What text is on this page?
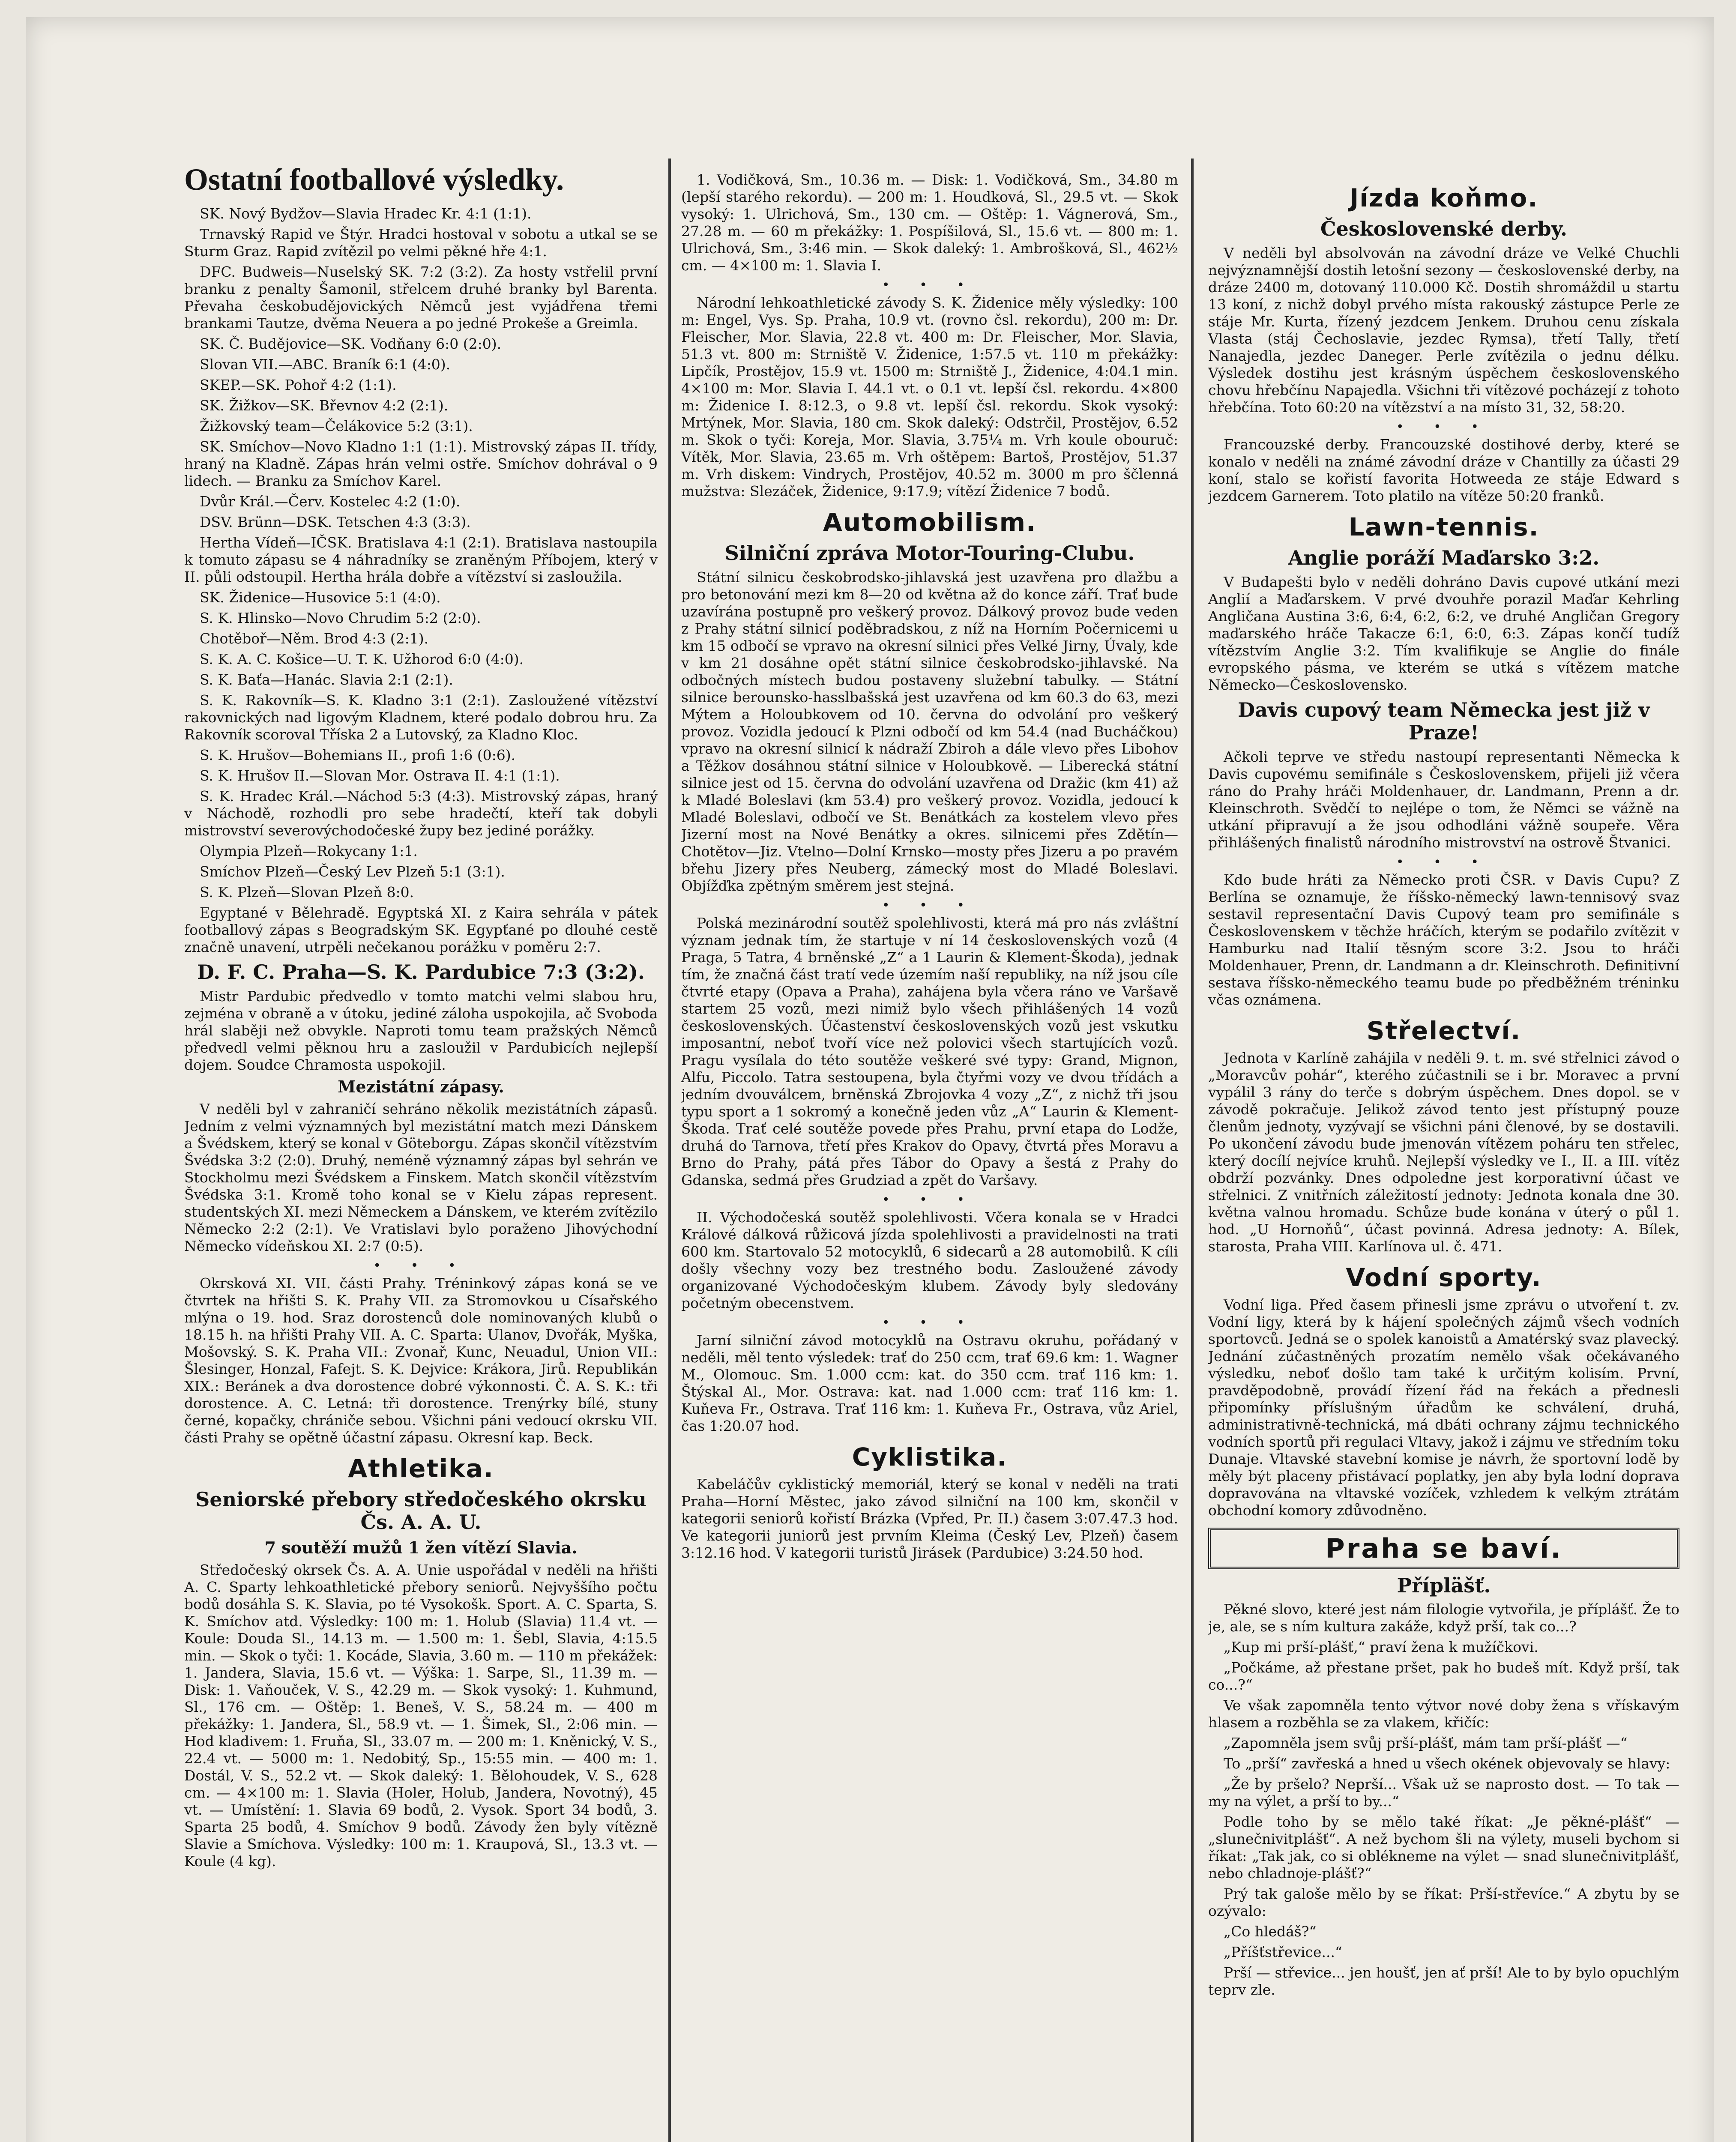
Ostatní footballové výsledky.

SK. Nový Bydžov—Slavia Hradec Kr. 4:1 (1:1).

Trnavský Rapid ve Štýr. Hradci hostoval v sobotu a utkal se se Sturm Graz. Rapid zvítězil po velmi pěkné hře 4:1.

DFC. Budweis—Nuselský SK. 7:2 (3:2). Za hosty vstřelil první branku z penalty Šamonil, střelcem druhé branky byl Barenta. Převaha českobudějovických Němců jest vyjádřena třemi brankami Tautze, dvěma Neuera a po jedné Prokeše a Greimla.

SK. Č. Budějovice—SK. Vodňany 6:0 (2:0).

Slovan VII.—ABC. Braník 6:1 (4:0).

SKEP.—SK. Pohoř 4:2 (1:1).

SK. Žižkov—SK. Břevnov 4:2 (2:1).

Žižkovský team—Čelákovice 5:2 (3:1).

SK. Smíchov—Novo Kladno 1:1 (1:1). Mistrovský zápas II. třídy, hraný na Kladně. Zápas hrán velmi ostře. Smíchov dohrával o 9 lidech. — Branku za Smíchov Karel.

Dvůr Král.—Červ. Kostelec 4:2 (1:0).

DSV. Brünn—DSK. Tetschen 4:3 (3:3).

Hertha Vídeň—IČSK. Bratislava 4:1 (2:1). Bratislava nastoupila k tomuto zápasu se 4 náhradníky se zraněným Příbojem, který v II. půli odstoupil. Hertha hrála dobře a vítězství si zasloužila.

SK. Židenice—Husovice 5:1 (4:0).

S. K. Hlinsko—Novo Chrudim 5:2 (2:0).

Chotěboř—Něm. Brod 4:3 (2:1).

S. K. A. C. Košice—U. T. K. Užhorod 6:0 (4:0).

S. K. Baťa—Hanác. Slavia 2:1 (2:1).

S. K. Rakovník—S. K. Kladno 3:1 (2:1). Zasloužené vítězství rakovnických nad ligovým Kladnem, které podalo dobrou hru. Za Rakovník scoroval Tříska 2 a Lutovský, za Kladno Kloc.

S. K. Hrušov—Bohemians II., profi 1:6 (0:6).

S. K. Hrušov II.—Slovan Mor. Ostrava II. 4:1 (1:1).

S. K. Hradec Král.—Náchod 5:3 (4:3). Mistrovský zápas, hraný v Náchodě, rozhodli pro sebe hradečtí, kteří tak dobyli mistrovství severovýchodočeské župy bez jediné porážky.

Olympia Plzeň—Rokycany 1:1.

Smíchov Plzeň—Český Lev Plzeň 5:1 (3:1).

S. K. Plzeň—Slovan Plzeň 8:0.

Egyptané v Bělehradě. Egyptská XI. z Kaira sehrála v pátek footballový zápas s Beogradským SK. Egypťané po dlouhé cestě značně unavení, utrpěli nečekanou porážku v poměru 2:7.

D. F. C. Praha—S. K. Pardubice 7:3 (3:2).

Mistr Pardubic předvedlo v tomto matchi velmi slabou hru, zejména v obraně a v útoku, jediné záloha uspokojila, ač Svoboda hrál slaběji než obvykle. Naproti tomu team pražských Němců předvedl velmi pěknou hru a zasloužil v Pardubicích nejlepší dojem. Soudce Chramosta uspokojil.

Mezistátní zápasy.

V neděli byl v zahraničí sehráno několik mezistátních zápasů. Jedním z velmi významných byl mezistátní match mezi Dánskem a Švédskem, který se konal v Göteborgu. Zápas skončil vítězstvím Švédska 3:2 (2:0). Druhý, neméně významný zápas byl sehrán ve Stockholmu mezi Švédskem a Finskem. Match skončil vítězstvím Švédska 3:1. Kromě toho konal se v Kielu zápas represent. studentských XI. mezi Německem a Dánskem, ve kterém zvítězilo Německo 2:2 (2:1). Ve Vratislavi bylo poraženo Jihovýchodní Německo vídeňskou XI. 2:7 (0:5).

• • •

Okrsková XI. VII. části Prahy. Tréninkový zápas koná se ve čtvrtek na hřišti S. K. Prahy VII. za Stromovkou u Císařského mlýna o 19. hod. Sraz dorostenců dole nominovaných klubů o 18.15 h. na hřišti Prahy VII. A. C. Sparta: Ulanov, Dvořák, Myška, Mošovský. S. K. Praha VII.: Zvonař, Kunc, Neuadul, Union VII.: Šlesinger, Honzal, Fafejt. S. K. Dejvice: Krákora, Jirů. Republikán XIX.: Beránek a dva dorostence dobré výkonnosti. Č. A. S. K.: tři dorostence. A. C. Letná: tři dorostence. Trenýrky bílé, stuny černé, kopačky, chrániče sebou. Všichni páni vedoucí okrsku VII. části Prahy se opětně účastní zápasu. Okresní kap. Beck.

Athletika.
Seniorské přebory středočeského okrsku Čs. A. A. U.
7 soutěží mužů 1 žen vítězí Slavia.

Středočeský okrsek Čs. A. A. Unie uspořádal v neděli na hřišti A. C. Sparty lehkoathletické přebory seniorů. Nejvyššího počtu bodů dosáhla S. K. Slavia, po té Vysokošk. Sport. A. C. Sparta, S. K. Smíchov atd. Výsledky: 100 m: 1. Holub (Slavia) 11.4 vt. — Koule: Douda Sl., 14.13 m. — 1.500 m: 1. Šebl, Slavia, 4:15.5 min. — Skok o tyči: 1. Kocáde, Slavia, 3.60 m. — 110 m překážek: 1. Jandera, Slavia, 15.6 vt. — Výška: 1. Sarpe, Sl., 11.39 m. — Disk: 1. Vaňouček, V. S., 42.29 m. — Skok vysoký: 1. Kuhmund, Sl., 176 cm. — Oštěp: 1. Beneš, V. S., 58.24 m. — 400 m překážky: 1. Jandera, Sl., 58.9 vt. — 1. Šimek, Sl., 2:06 min. — Hod kladivem: 1. Fruňa, Sl., 33.07 m. — 200 m: 1. Kněnický, V. S., 22.4 vt. — 5000 m: 1. Nedobitý, Sp., 15:55 min. — 400 m: 1. Dostál, V. S., 52.2 vt. — Skok daleký: 1. Bělohoudek, V. S., 628 cm. — 4×100 m: 1. Slavia (Holer, Holub, Jandera, Novotný), 45 vt. — Umístění: 1. Slavia 69 bodů, 2. Vysok. Sport 34 bodů, 3. Sparta 25 bodů, 4. Smíchov 9 bodů. Závody žen byly vítězně Slavie a Smíchova. Výsledky: 100 m: 1. Kraupová, Sl., 13.3 vt. — Koule (4 kg).

1. Vodičková, Sm., 10.36 m. — Disk: 1. Vodičková, Sm., 34.80 m (lepší starého rekordu). — 200 m: 1. Houdková, Sl., 29.5 vt. — Skok vysoký: 1. Ulrichová, Sm., 130 cm. — Oštěp: 1. Vágnerová, Sm., 27.28 m. — 60 m překážky: 1. Pospíšilová, Sl., 15.6 vt. — 800 m: 1. Ulrichová, Sm., 3:46 min. — Skok daleký: 1. Ambrošková, Sl., 462½ cm. — 4×100 m: 1. Slavia I.

• • •

Národní lehkoathletické závody S. K. Židenice měly výsledky: 100 m: Engel, Vys. Sp. Praha, 10.9 vt. (rovno čsl. rekordu), 200 m: Dr. Fleischer, Mor. Slavia, 22.8 vt. 400 m: Dr. Fleischer, Mor. Slavia, 51.3 vt. 800 m: Strniště V. Židenice, 1:57.5 vt. 110 m překážky: Lipčík, Prostějov, 15.9 vt. 1500 m: Strniště J., Židenice, 4:04.1 min. 4×100 m: Mor. Slavia I. 44.1 vt. o 0.1 vt. lepší čsl. rekordu. 4×800 m: Židenice I. 8:12.3, o 9.8 vt. lepší čsl. rekordu. Skok vysoký: Mrtýnek, Mor. Slavia, 180 cm. Skok daleký: Odstrčil, Prostějov, 6.52 m. Skok o tyči: Koreja, Mor. Slavia, 3.75¼ m. Vrh koule obouruč: Vítěk, Mor. Slavia, 23.65 m. Vrh oštěpem: Bartoš, Prostějov, 51.37 m. Vrh diskem: Vindrych, Prostějov, 40.52 m. 3000 m pro ščlenná mužstva: Slezáček, Židenice, 9:17.9; vítězí Židenice 7 bodů.

Automobilism.
Silniční zpráva Motor-Touring-Clubu.

Státní silnicu českobrodsko-jihlavská jest uzavřena pro dlažbu a pro betonování mezi km 8—20 od května až do konce září. Trať bude uzavírána postupně pro veškerý provoz. Dálkový provoz bude veden z Prahy státní silnicí poděbradskou, z níž na Horním Počernicemi u km 15 odbočí se vpravo na okresní silnici přes Velké Jirny, Úvaly, kde v km 21 dosáhne opět státní silnice českobrodsko-jihlavské. Na odbočných místech budou postaveny služební tabulky. — Státní silnice berounsko-hasslbašská jest uzavřena od km 60.3 do 63, mezi Mýtem a Holoubkovem od 10. června do odvolání pro veškerý provoz. Vozidla jedoucí k Plzni odbočí od km 54.4 (nad Bucháčkou) vpravo na okresní silnicí k nádraží Zbiroh a dále vlevo přes Libohov a Těžkov dosáhnou státní silnice v Holoubkově. — Liberecká státní silnice jest od 15. června do odvolání uzavřena od Dražic (km 41) až k Mladé Boleslavi (km 53.4) pro veškerý provoz. Vozidla, jedoucí k Mladé Boleslavi, odbočí ve St. Benátkách za kostelem vlevo přes Jizerní most na Nové Benátky a okres. silnicemi přes Zdětín—Chotětov—Jiz. Vtelno—Dolní Krnsko—mosty přes Jizeru a po pravém břehu Jizery přes Neuberg, zámecký most do Mladé Boleslavi. Objížďka zpětným směrem jest stejná.

• • •

Polská mezinárodní soutěž spolehlivosti, která má pro nás zvláštní význam jednak tím, že startuje v ní 14 československých vozů (4 Praga, 5 Tatra, 4 brněnské „Z“ a 1 Laurin & Klement-Škoda), jednak tím, že značná část tratí vede územím naší republiky, na níž jsou cíle čtvrté etapy (Opava a Praha), zahájena byla včera ráno ve Varšavě startem 25 vozů, mezi nimiž bylo všech přihlášených 14 vozů československých. Účastenství československých vozů jest vskutku imposantní, neboť tvoří více než polovici všech startujících vozů. Pragu vysílala do této soutěže veškeré své typy: Grand, Mignon, Alfu, Piccolo. Tatra sestoupena, byla čtyřmi vozy ve dvou třídách a jedním dvouválcem, brněnská Zbrojovka 4 vozy „Z“, z nichž tři jsou typu sport a 1 sokromý a konečně jeden vůz „A“ Laurin & Klement-Škoda. Trať celé soutěže povede přes Prahu, první etapa do Lodže, druhá do Tarnova, třetí přes Krakov do Opavy, čtvrtá přes Moravu a Brno do Prahy, pátá přes Tábor do Opavy a šestá z Prahy do Gdanska, sedmá přes Grudziad a zpět do Varšavy.

• • •

II. Východočeská soutěž spolehlivosti. Včera konala se v Hradci Králové dálková růžicová jízda spolehlivosti a pravidelnosti na trati 600 km. Startovalo 52 motocyklů, 6 sidecarů a 28 automobilů. K cíli došly všechny vozy bez trestného bodu. Zasloužené závody organizované Východočeským klubem. Závody byly sledovány početným obecenstvem.

• • •

Jarní silniční závod motocyklů na Ostravu okruhu, pořádaný v neděli, měl tento výsledek: trať do 250 ccm, trať 69.6 km: 1. Wagner M., Olomouc. Sm. 1.000 ccm: kat. do 350 ccm. trať 116 km: 1. Štýskal Al., Mor. Ostrava: kat. nad 1.000 ccm: trať 116 km: 1. Kuňeva Fr., Ostrava. Trať 116 km: 1. Kuňeva Fr., Ostrava, vůz Ariel, čas 1:20.07 hod.

Cyklistika.

Kabeláčův cyklistický memoriál, který se konal v neděli na trati Praha—Horní Městec, jako závod silniční na 100 km, skončil v kategorii seniorů kořistí Brázka (Vpřed, Pr. II.) časem 3:07.47.3 hod. Ve kategorii juniorů jest prvním Kleima (Český Lev, Plzeň) časem 3:12.16 hod. V kategorii turistů Jirásek (Pardubice) 3:24.50 hod.

Jízda koňmo.
Československé derby.

V neděli byl absolvován na závodní dráze ve Velké Chuchli nejvýznamnější dostih letošní sezony — československé derby, na dráze 2400 m, dotovaný 110.000 Kč. Dostih shromáždil u startu 13 koní, z nichž dobyl prvého místa rakouský zástupce Perle ze stáje Mr. Kurta, řízený jezdcem Jenkem. Druhou cenu získala Vlasta (stáj Čechoslavie, jezdec Rymsa), třetí Tally, třetí Nanajedla, jezdec Daneger. Perle zvítězila o jednu délku. Výsledek dostihu jest krásným úspěchem československého chovu hřebčínu Napajedla. Všichni tři vítězové pocházejí z tohoto hřebčína. Toto 60:20 na vítězství a na místo 31, 32, 58:20.

• • •

Francouzské derby. Francouzské dostihové derby, které se konalo v neděli na známé závodní dráze v Chantilly za účasti 29 koní, stalo se kořistí favorita Hotweeda ze stáje Edward s jezdcem Garnerem. Toto platilo na vítěze 50:20 franků.

Lawn-tennis.
Anglie poráží Maďarsko 3:2.

V Budapešti bylo v neděli dohráno Davis cupové utkání mezi Anglií a Maďarskem. V prvé dvouhře porazil Maďar Kehrling Angličana Austina 3:6, 6:4, 6:2, 6:2, ve druhé Angličan Gregory maďarského hráče Takacze 6:1, 6:0, 6:3. Zápas končí tudíž vítězstvím Anglie 3:2. Tím kvalifikuje se Anglie do finále evropského pásma, ve kterém se utká s vítězem matche Německo—Československo.

Davis cupový team Německa jest již v Praze!

Ačkoli teprve ve středu nastoupí representanti Německa k Davis cupovému semifinále s Československem, přijeli již včera ráno do Prahy hráči Moldenhauer, dr. Landmann, Prenn a dr. Kleinschroth. Svědčí to nejlépe o tom, že Němci se vážně na utkání připravují a že jsou odhodláni vážně soupeře. Věra přihlášených finalistů národního mistrovství na ostrově Štvanici.

• • •

Kdo bude hráti za Německo proti ČSR. v Davis Cupu? Z Berlína se oznamuje, že říšsko-německý lawn-tennisový svaz sestavil representační Davis Cupový team pro semifinále s Československem v těchže hráčích, kterým se podařilo zvítězit v Hamburku nad Italií těsným score 3:2. Jsou to hráči Moldenhauer, Prenn, dr. Landmann a dr. Kleinschroth. Definitivní sestava říšsko-německého teamu bude po předběžném tréninku včas oznámena.

Střelectví.

Jednota v Karlíně zahájila v neděli 9. t. m. své střelnici závod o „Moravcův pohár“, kterého zúčastnili se i br. Moravec a první vypálil 3 rány do terče s dobrým úspěchem. Dnes dopol. se v závodě pokračuje. Jelikož závod tento jest přístupný pouze členům jednoty, vyzývají se všichni páni členové, by se dostavili. Po ukončení závodu bude jmenován vítězem poháru ten střelec, který docílí nejvíce kruhů. Nejlepší výsledky ve I., II. a III. vítěz obdrží pozvánky. Dnes odpoledne jest korporativní účast ve střelnici. Z vnitřních záležitostí jednoty: Jednota konala dne 30. května valnou hromadu. Schůze bude konána v úterý o půl 1. hod. „U Hornoňů“, účast povinná. Adresa jednoty: A. Bílek, starosta, Praha VIII. Karlínova ul. č. 471.

Vodní sporty.

Vodní liga. Před časem přinesli jsme zprávu o utvoření t. zv. Vodní ligy, která by k hájení společných zájmů všech vodních sportovců. Jedná se o spolek kanoistů a Amatérský svaz plavecký. Jednání zúčastněných prozatím nemělo však očekávaného výsledku, neboť došlo tam také k určitým kolisím. První, pravděpodobně, provádí řízení řád na řekách a přednesli připomínky příslušným úřadům ke schválení, druhá, administrativně-technická, má dbáti ochrany zájmu technického vodních sportů při regulaci Vltavy, jakož i zájmu ve středním toku Dunaje. Vltavské stavební komise je návrh, že sportovní lodě by měly být placeny přistávací poplatky, jen aby byla lodní doprava dopravována na vltavské vozíček, vzhledem k velkým ztrátám obchodní komory zdůvodněno.

Praha se baví.
Přípläšť.

Pěkné slovo, které jest nám filologie vytvořila, je příplášť. Že to je, ale, se s ním kultura zakáže, když prší, tak co...?

„Kup mi prší-plášť,“ praví žena k mužíčkovi.

„Počkáme, až přestane pršet, pak ho budeš mít. Když prší, tak co...?“

Ve však zapomněla tento výtvor nové doby žena s vřískavým hlasem a rozběhla se za vlakem, křičíc:

„Zapomněla jsem svůj prší-plášť, mám tam prší-plášť —“

To „prší“ zavřeská a hned u všech okének objevovaly se hlavy:

„Že by pršelo? Neprší... Však už se naprosto dost. — To tak — my na výlet, a prší to by...“

Podle toho by se mělo také říkat: „Je pěkné-plášť“ — „slunečnivitplášť“. A než bychom šli na výlety, museli bychom si říkat: „Tak jak, co si oblékneme na výlet — snad slunečnivitplášť, nebo chladnoje-plášť?“

Prý tak galoše mělo by se říkat: Prší-střevíce.“ A zbytu by se ozývalo:

„Co hledáš?“

„Příšťstřevice...“

Prší — střevice... jen houšť, jen ať prší! Ale to by bylo opuchlým teprv zle.
